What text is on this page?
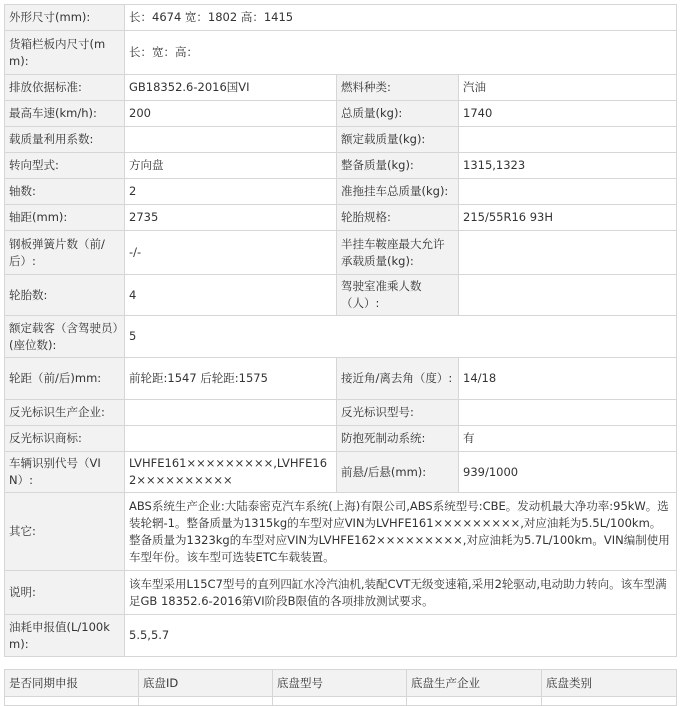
外形尺寸(mm):	长：4674 宽：1802 高：1415		
货箱栏板内尺寸(mm):	长：宽：高：		
排放依据标准:	GB18352.6-2016国VI	燃料种类:	汽油
最高车速(km/h):	200	总质量(kg):	1740
载质量利用系数:		额定载质量(kg):	
转向型式:	方向盘	整备质量(kg):	1315,1323
轴数:	2	准拖挂车总质量(kg):	
轴距(mm):	2735	轮胎规格:	215/55R16 93H
钢板弹簧片数（前/后）:	-/-	半挂车鞍座最大允许承载质量(kg):	
轮胎数:	4	驾驶室准乘人数（人）:	
额定载客（含驾驶员）(座位数):	5		
轮距（前/后)mm:	前轮距:1547 后轮距:1575	接近角/离去角（度）:	14/18
反光标识生产企业:		反光标识型号:	
反光标识商标:		防抱死制动系统:	有
车辆识别代号（VIN）:	LVHFE161×××××××××,LVHFE162××××××××××	前悬/后悬(mm):	939/1000
其它:	ABS系统生产企业:大陆泰密克汽车系统(上海)有限公司,ABS系统型号:CBE。发动机最大净功率:95kW。选装轮辋-1。整备质量为1315kg的车型对应VIN为LVHFE161×××××××××,对应油耗为5.5L/100km。整备质量为1323kg的车型对应VIN为LVHFE162×××××××××,对应油耗为5.7L/100km。VIN编制使用车型年份。该车型可选装ETC车载装置。		
说明:	该车型采用L15C7型号的直列四缸水冷汽油机,装配CVT无级变速箱,采用2轮驱动,电动助力转向。该车型满足GB 18352.6-2016第VI阶段B限值的各项排放测试要求。		
油耗申报值(L/100km):	5.5,5.7		
是否同期申报	底盘ID	底盘型号	底盘生产企业	底盘类别
